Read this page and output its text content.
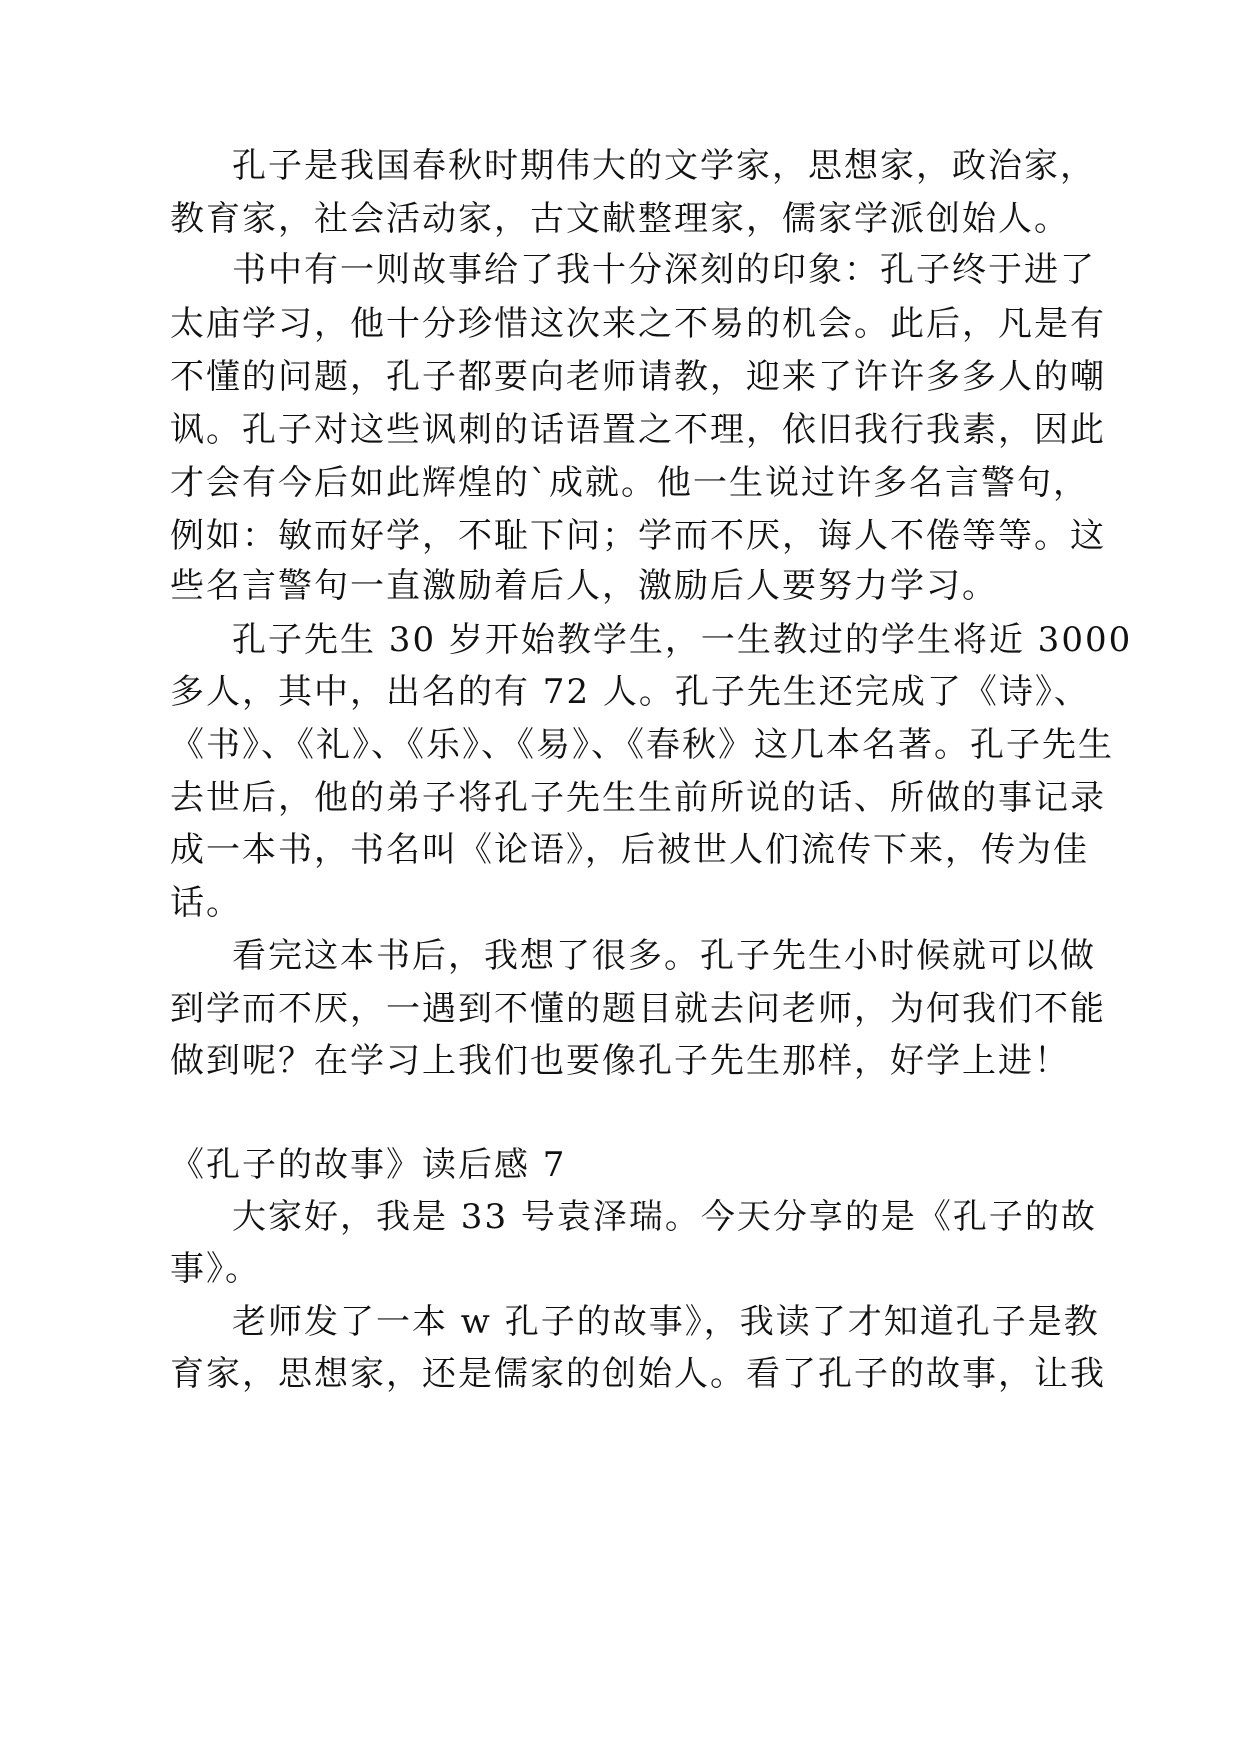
孔子是我国春秋时期伟大的文学家，思想家，政治家，
教育家，社会活动家，古文献整理家，儒家学派创始人。
书中有一则故事给了我十分深刻的印象：孔子终于进了
太庙学习，他十分珍惜这次来之不易的机会。此后，凡是有
不懂的问题，孔子都要向老师请教，迎来了许许多多人的嘲
讽。孔子对这些讽刺的话语置之不理，依旧我行我素，因此
才会有今后如此辉煌的`成就。他一生说过许多名言警句，
例如：敏而好学，不耻下问；学而不厌，诲人不倦等等。这
些名言警句一直激励着后人，激励后人要努力学习。
孔子先生 30 岁开始教学生，一生教过的学生将近 3000
多人，其中，出名的有 72 人。孔子先生还完成了《诗》、
《书》、《礼》、《乐》、《易》、《春秋》这几本名著。孔子先生
去世后，他的弟子将孔子先生生前所说的话、所做的事记录
成一本书，书名叫《论语》，后被世人们流传下来，传为佳
话。
看完这本书后，我想了很多。孔子先生小时候就可以做
到学而不厌，一遇到不懂的题目就去问老师，为何我们不能
做到呢？在学习上我们也要像孔子先生那样，好学上进！
《孔子的故事》读后感 7
大家好，我是 33 号袁泽瑞。今天分享的是《孔子的故
事》。
老师发了一本 w 孔子的故事》，我读了才知道孔子是教
育家，思想家，还是儒家的创始人。看了孔子的故事，让我
